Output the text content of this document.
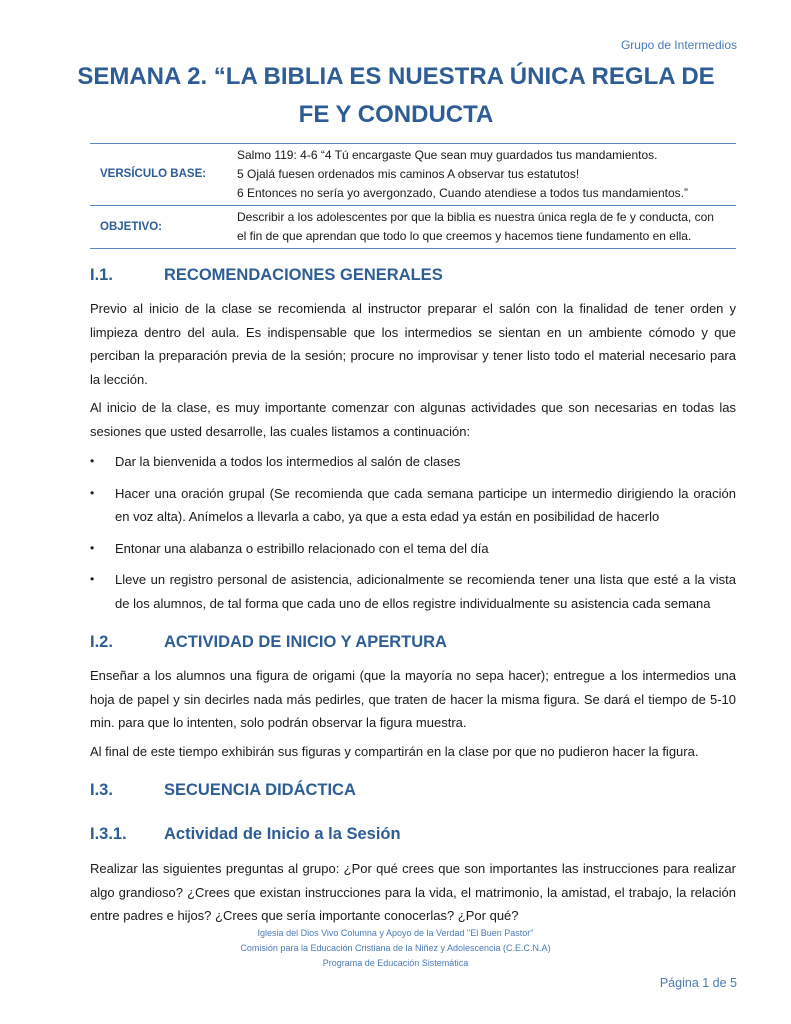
Grupo de Intermedios
SEMANA 2. “LA BIBLIA ES NUESTRA ÚNICA REGLA DE
FE Y CONDUCTA
VERSÍCULO BASE:	Salmo 119: 4-6 “4 Tú encargaste Que sean muy guardados tus mandamientos.
5 Ojalá fuesen ordenados mis caminos A observar tus estatutos!
6 Entonces no sería yo avergonzado, Cuando atendiese a todos tus mandamientos.”

OBJETIVO:	Describir a los adolescentes por que la biblia es nuestra única regla de fe y conducta, con
el fin de que aprendan que todo lo que creemos y hacemos tiene fundamento en ella.
I.1.	RECOMENDACIONES GENERALES
Previo al inicio de la clase se recomienda al instructor preparar el salón con la finalidad de tener orden y limpieza dentro del aula. Es indispensable que los intermedios se sientan en un ambiente cómodo y que perciban la preparación previa de la sesión; procure no improvisar y tener listo todo el material necesario para la lección.
Al inicio de la clase, es muy importante comenzar con algunas actividades que son necesarias en todas las sesiones que usted desarrolle, las cuales listamos a continuación:
• Dar la bienvenida a todos los intermedios al salón de clases
• Hacer una oración grupal (Se recomienda que cada semana participe un intermedio dirigiendo la oración en voz alta). Anímelos a llevarla a cabo, ya que a esta edad ya están en posibilidad de hacerlo
• Entonar una alabanza o estribillo relacionado con el tema del día
• Lleve un registro personal de asistencia, adicionalmente se recomienda tener una lista que esté a la vista de los alumnos, de tal forma que cada uno de ellos registre individualmente su asistencia cada semana
I.2.	ACTIVIDAD DE INICIO Y APERTURA
Enseñar a los alumnos una figura de origami (que la mayoría no sepa hacer); entregue a los intermedios una hoja de papel y sin decirles nada más pedirles, que traten de hacer la misma figura. Se dará el tiempo de 5-10 min. para que lo intenten, solo podrán observar la figura muestra.
Al final de este tiempo exhibirán sus figuras y compartirán en la clase por que no pudieron hacer la figura.
I.3.	SECUENCIA DIDÁCTICA
I.3.1. Actividad de Inicio a la Sesión
Realizar las siguientes preguntas al grupo: ¿Por qué crees que son importantes las instrucciones para realizar algo grandioso? ¿Crees que existan instrucciones para la vida, el matrimonio, la amistad, el trabajo, la relación entre padres e hijos? ¿Crees que sería importante conocerlas? ¿Por qué?
Iglesia del Dios Vivo Columna y Apoyo de la Verdad "El Buen Pastor"
Comisión para la Educación Cristiana de la Niñez y Adolescencia (C.E.C.N.A)
Programa de Educación Sistemática
Página 1 de 5
